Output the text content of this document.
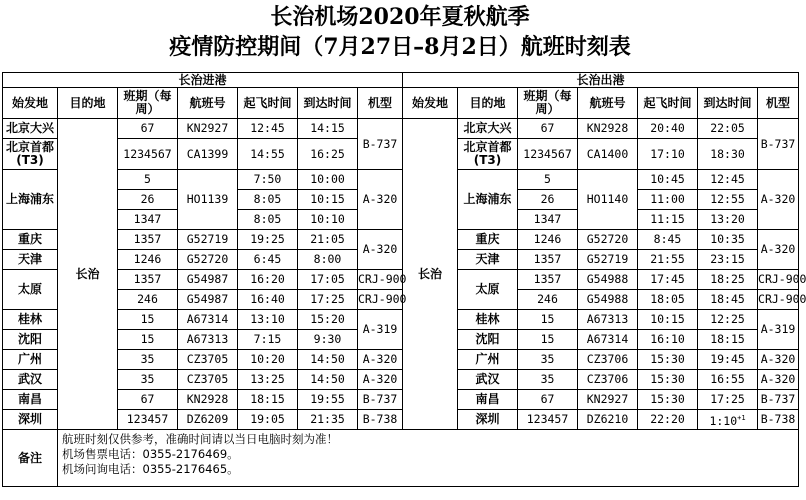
长治机场2020年夏秋航季
疫情防控期间（7月27日–8月2日）航班时刻表
长治进港							长治出港						
始发地	目的地	班期（每周）	航班号	起飞时间	到达时间	机型	始发地	目的地	班期（每周）	航班号	起飞时间	到达时间	机型
北京大兴	长治	67	KN2927	12:45	14:15	B-737	长治	北京大兴	67	KN2928	20:40	22:05	B-737
北京首都(T3)		1234567	CA1399	14:55	16:25			北京首都(T3)	1234567	CA1400	17:10	18:30	
上海浦东		5	HO1139	7:50	10:00	A-320		上海浦东	5	HO1140	10:45	12:45	A-320
		26		8:05	10:15				26		11:00	12:55	
		1347		8:05	10:10				1347		11:15	13:20	
重庆		1357	G52719	19:25	21:05	A-320		重庆	1246	G52720	8:45	10:35	A-320
天津		1246	G52720	6:45	8:00			天津	1357	G52719	21:55	23:15	
太原		1357	G54987	16:20	17:05	CRJ-900		太原	1357	G54988	17:45	18:25	CRJ-900
		246	G54987	16:40	17:25	CRJ-900			246	G54988	18:05	18:45	CRJ-900
桂林		15	A67314	13:10	15:20	A-319		桂林	15	A67313	10:15	12:25	A-319
沈阳		15	A67313	7:15	9:30			沈阳	15	A67314	16:10	18:15	
广州		35	CZ3705	10:20	14:50	A-320		广州	35	CZ3706	15:30	19:45	A-320
武汉		35	CZ3705	13:25	14:50	A-320		武汉	35	CZ3706	15:30	16:55	A-320
南昌		67	KN2928	18:15	19:55	B-737		南昌	67	KN2927	15:30	17:25	B-737
深圳		123457	DZ6209	19:05	21:35	B-738		深圳	123457	DZ6210	22:20	$1:10^{+1}$	B-738
备注	航班时刻仅供参考，准确时间请以当日电脑时刻为准！
机场售票电话：0355-2176469。
机场问询电话：0355-2176465。												
